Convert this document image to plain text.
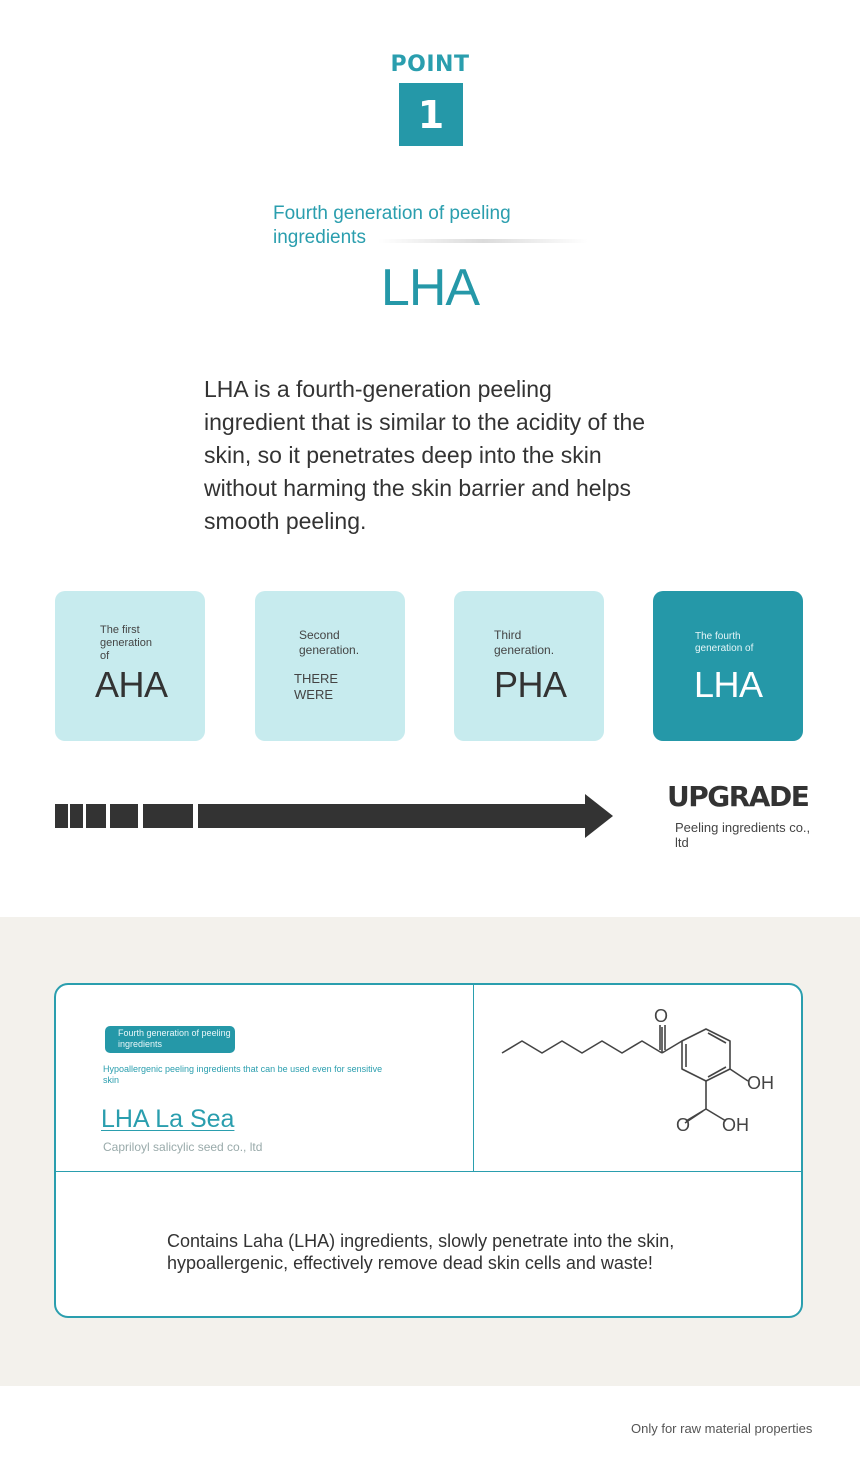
POINT
1
Fourth generation of peeling ingredients
LHA
LHA is a fourth-generation peeling ingredient that is similar to the acidity of the skin, so it penetrates deep into the skin without harming the skin barrier and helps smooth peeling.
The first generation of
AHA
Second generation.
THERE WERE
Third generation.
PHA
The fourth generation of
LHA
UPGRADE
Peeling ingredients co., ltd
Fourth generation of peeling ingredients
Hypoallergenic peeling ingredients that can be used even for sensitive skin
LHA La Sea
Capriloyl salicylic seed co., ltd
O
OH
O OH
Contains Laha (LHA) ingredients, slowly penetrate into the skin, hypoallergenic, effectively remove dead skin cells and waste!
Only for raw material properties
